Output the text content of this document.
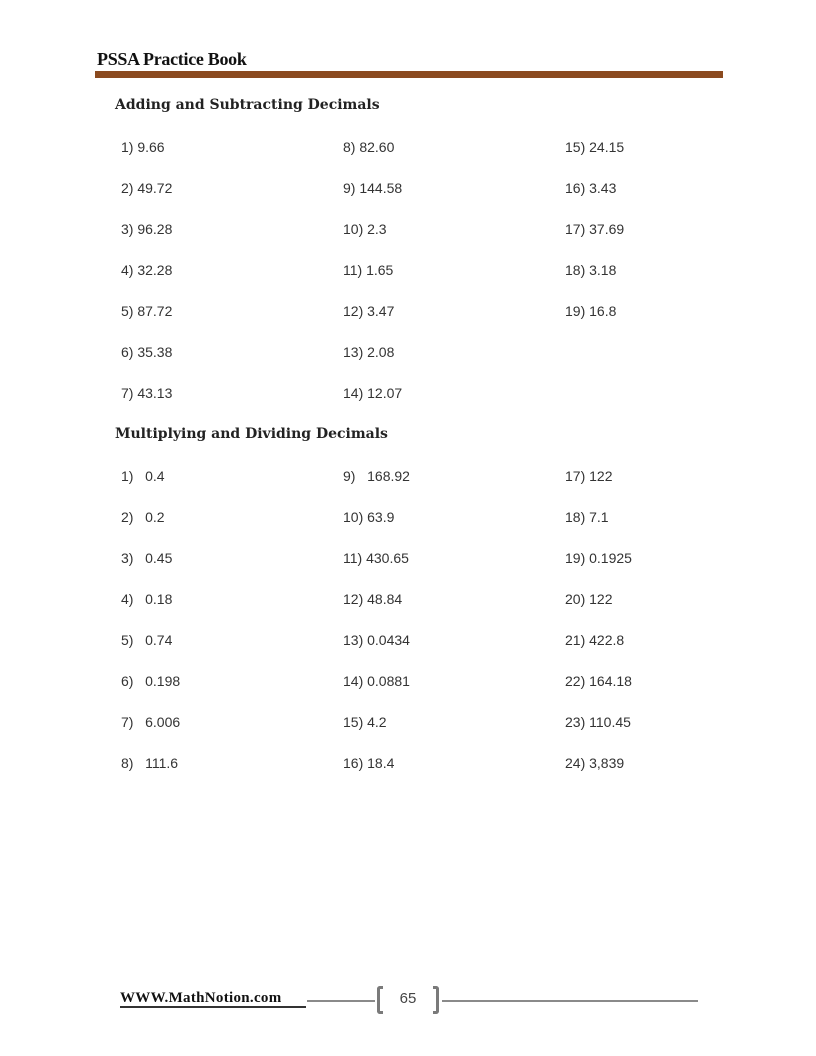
PSSA Practice Book
Adding and Subtracting Decimals
1) 9.66
2) 49.72
3) 96.28
4) 32.28
5) 87.72
6) 35.38
7) 43.13
8) 82.60
9) 144.58
10) 2.3
11) 1.65
12) 3.47
13) 2.08
14) 12.07
15) 24.15
16) 3.43
17) 37.69
18) 3.18
19) 16.8
Multiplying and Dividing Decimals
1)   0.4
2)   0.2
3)   0.45
4)   0.18
5)   0.74
6)   0.198
7)   6.006
8)   111.6
9)   168.92
10) 63.9
11) 430.65
12) 48.84
13) 0.0434
14) 0.0881
15) 4.2
16) 18.4
17) 122
18) 7.1
19) 0.1925
20) 122
21) 422.8
22) 164.18
23) 110.45
24) 3,839
WWW.MathNotion.com	65
